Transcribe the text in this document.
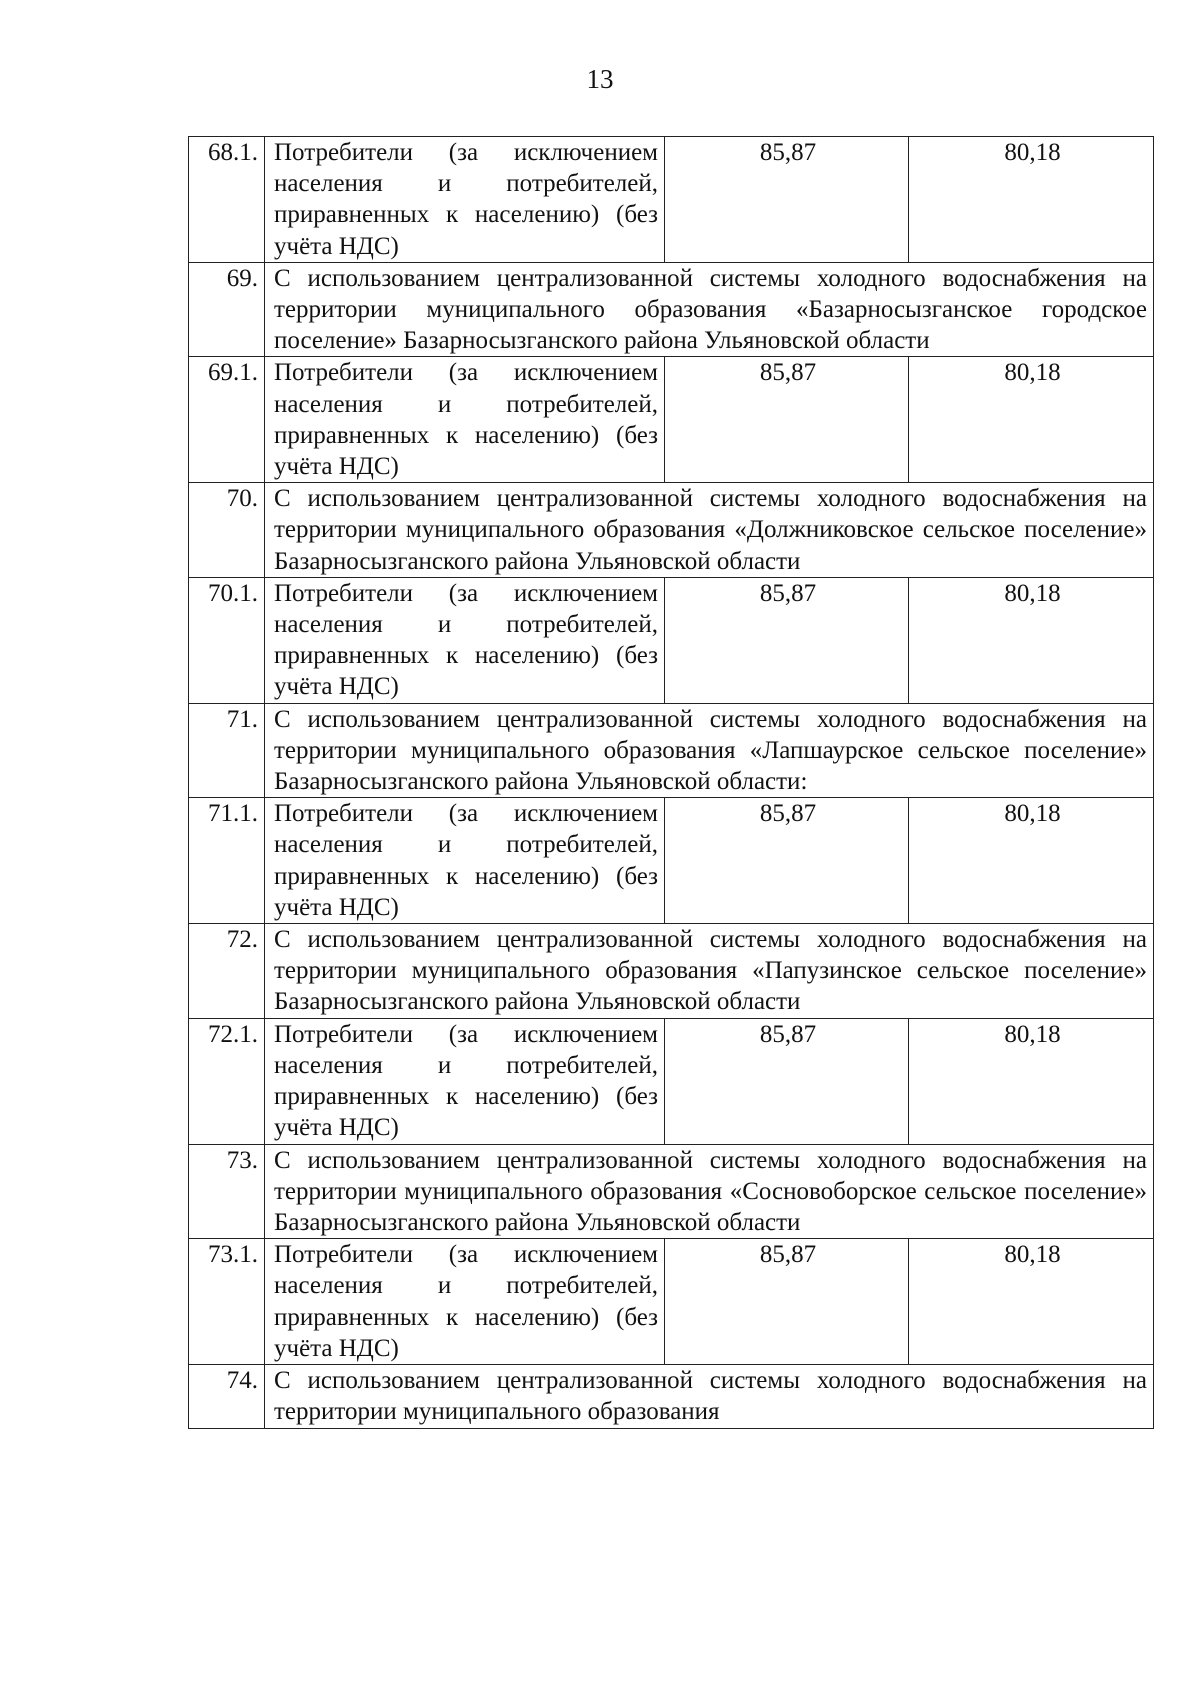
13
68.1.	Потребители (за исключением населения и потребителей, приравненных к населению) (без учёта НДС)	85,87	80,18
69.	С использованием централизованной системы холодного водоснабжения на территории муниципального образования «Базарносызганское городское поселение» Базарносызганского района Ульяновской области		
69.1.	Потребители (за исключением населения и потребителей, приравненных к населению) (без учёта НДС)	85,87	80,18
70.	С использованием централизованной системы холодного водоснабжения на территории муниципального образования «Должниковское сельское поселение» Базарносызганского района Ульяновской области		
70.1.	Потребители (за исключением населения и потребителей, приравненных к населению) (без учёта НДС)	85,87	80,18
71.	С использованием централизованной системы холодного водоснабжения на территории муниципального образования «Лапшаурское сельское поселение» Базарносызганского района Ульяновской области:		
71.1.	Потребители (за исключением населения и потребителей, приравненных к населению) (без учёта НДС)	85,87	80,18
72.	С использованием централизованной системы холодного водоснабжения на территории муниципального образования «Папузинское сельское поселение» Базарносызганского района Ульяновской области		
72.1.	Потребители (за исключением населения и потребителей, приравненных к населению) (без учёта НДС)	85,87	80,18
73.	С использованием централизованной системы холодного водоснабжения на территории муниципального образования «Сосновоборское сельское поселение» Базарносызганского района Ульяновской области		
73.1.	Потребители (за исключением населения и потребителей, приравненных к населению) (без учёта НДС)	85,87	80,18
74.	С использованием централизованной системы холодного водоснабжения на территории муниципального образования		
